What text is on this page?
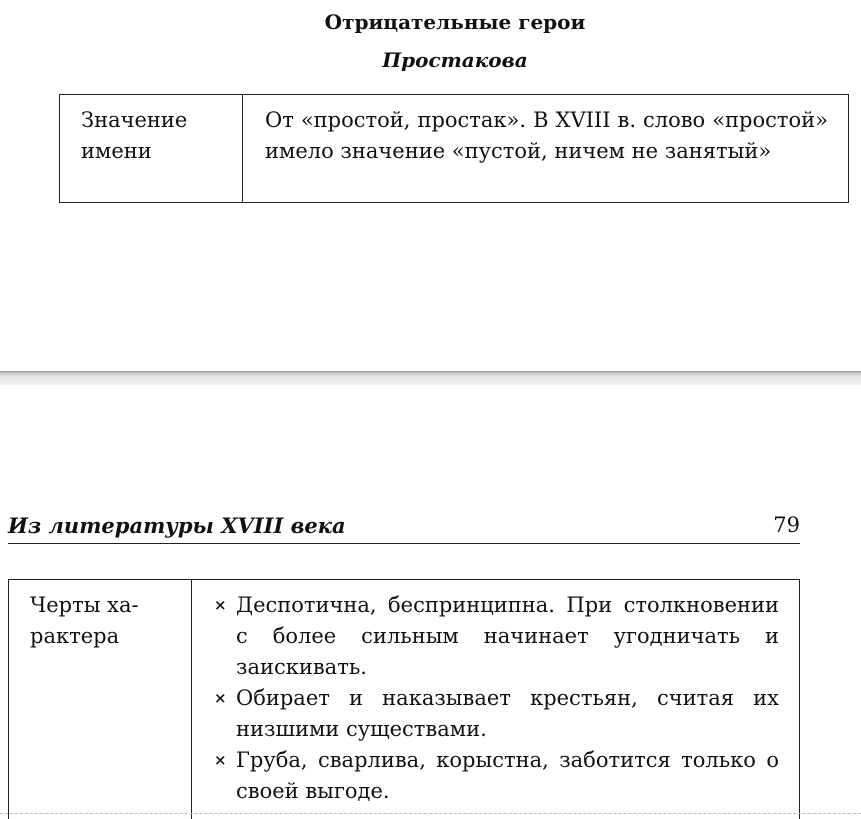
Отрицательные герои
Простакова
Значение имени
От «простой, простак». В XVIII в. слово «простой» имело значение «пустой, ничем не занятый»
Из литературы XVIII века	79
Черты ха-
рактера
× Деспотична, беспринципна. При столкновении с более сильным начинает угодничать и заискивать.
× Обирает и наказывает крестьян, считая их низшими существами.
× Груба, сварлива, корыстна, заботится только о своей выгоде.
